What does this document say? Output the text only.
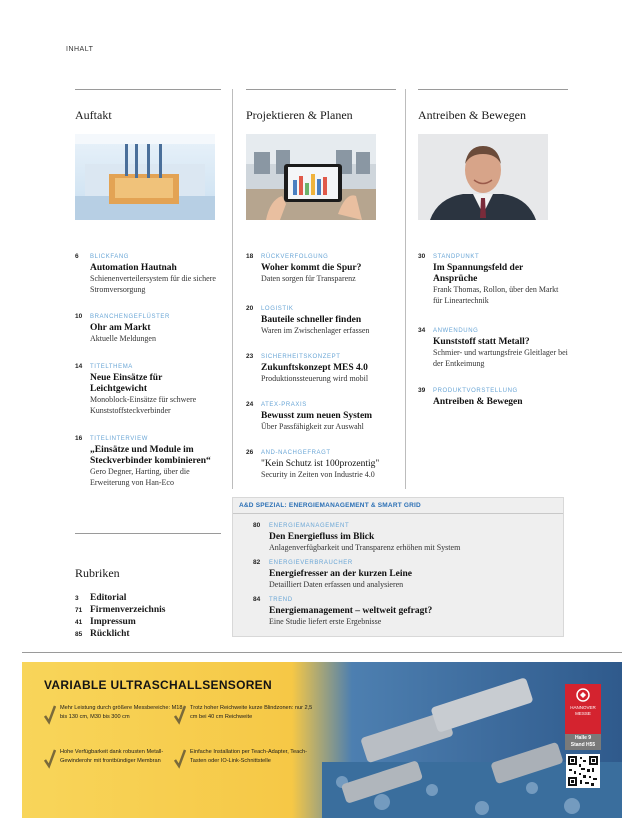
INHALT
Auftakt
6 BLICKFANG
Automation Hautnah
Schienenverteilersystem für die sichere Stromversorgung
10 BRANCHENGEFLÜSTER
Ohr am Markt
Aktuelle Meldungen
14 TITELTHEMA
Neue Einsätze für Leichtgewicht
Monoblock-Einsätze für schwere Kunststoffsteckverbinder
16 TITELINTERVIEW
„Einsätze und Module im Steckverbinder kombinieren“
Gero Degner, Harting, über die Erweiterung von Han-Eco
Projektieren & Planen
18 RÜCKVERFOLGUNG
Woher kommt die Spur?
Daten sorgen für Transparenz
20 LOGISTIK
Bauteile schneller finden
Waren im Zwischenlager erfassen
23 SICHERHEITSKONZEPT
Zukunftskonzept MES 4.0
Produktionssteuerung wird mobil
24 ATEX-PRAXIS
Bewusst zum neuen System
Über Passfähigkeit zur Auswahl
26 AND-NACHGEFRAGT
"Kein Schutz ist 100prozentig"
Security in Zeiten von Industrie 4.0
Antreiben & Bewegen
30 STANDPUNKT
Im Spannungsfeld der Ansprüche
Frank Thomas, Rollon, über den Markt für Lineartechnik
34 ANWENDUNG
Kunststoff statt Metall?
Schmier- und wartungsfreie Gleitlager bei der Entkeimung
39 PRODUKTVORSTELLUNG
Antreiben & Bewegen
Rubriken
3	Editorial
71 Firmenverzeichnis
41 Impressum
85 Rücklicht
A&D SPEZIAL: ENERGIEMANAGEMENT & SMART GRID
80 ENERGIEMANAGEMENT
Den Energiefluss im Blick
Anlagenverfügbarkeit und Transparenz erhöhen mit System
82 ENERGIEVERBRAUCHER
Energiefresser an der kurzen Leine
Detailliert Daten erfassen und analysieren
84 TREND
Energiemanagement – weltweit gefragt?
Eine Studie liefert erste Ergebnisse
VARIABLE ULTRASCHALLSENSOREN
Mehr Leistung durch größere Messbereiche: M18 bis 130 cm, M30 bis 300 cm
Trotz hoher Reichweite kurze Blindzonen: nur 2,5 cm bei 40 cm Reichweite
Hohe Verfügbarkeit dank robusten Metall-Gewinderohr mit frontbündiger Membran
Einfache Installation per Teach-Adapter, Teach-Tasten oder IO-Link-Schnittstelle
HANNOVER MESSE
Halle 9
Stand H55
